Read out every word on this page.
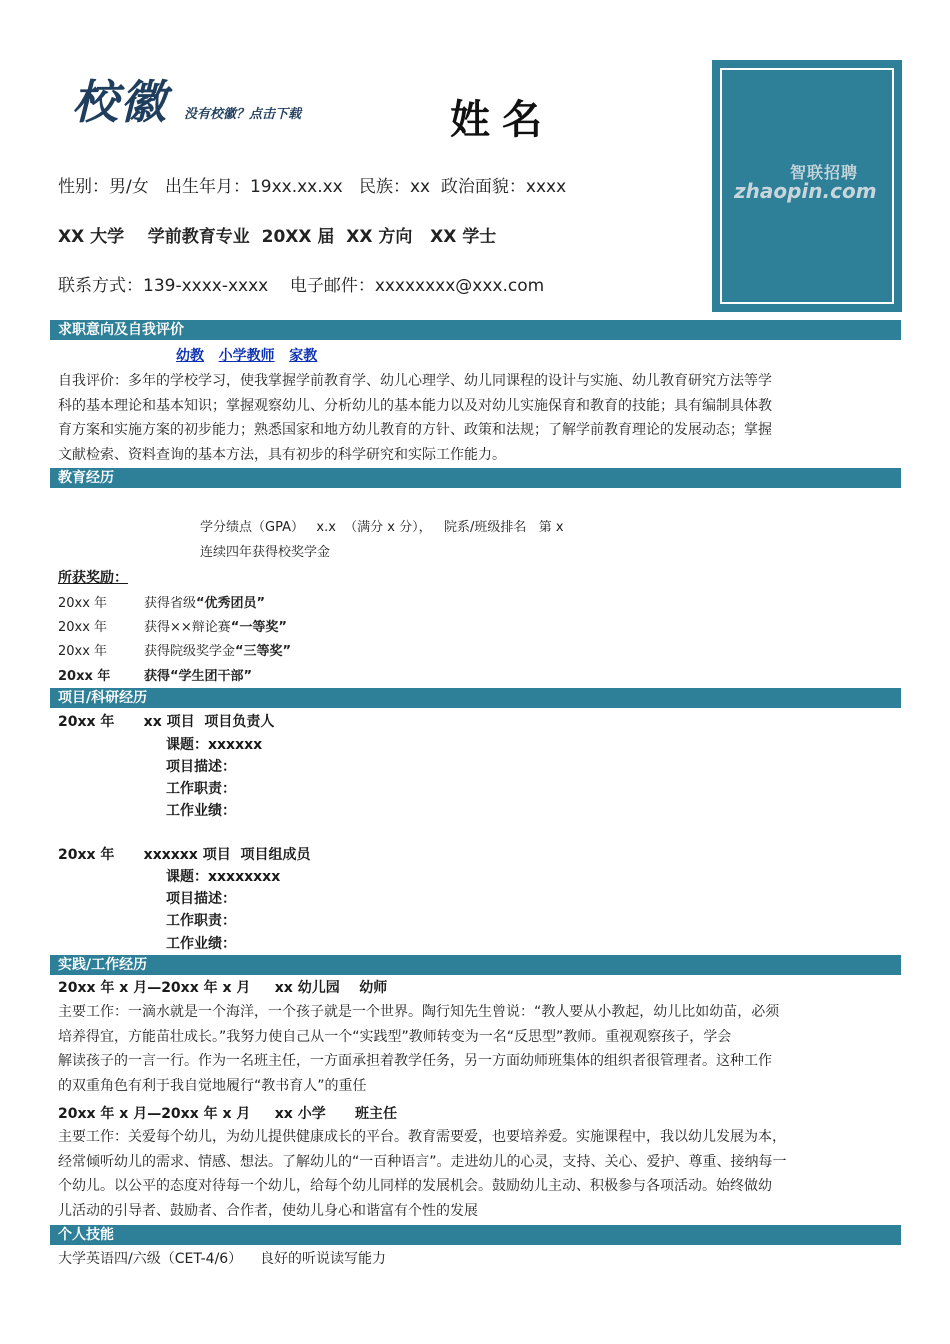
校徽 没有校徽？点击下载	姓名
性别：男/女   出生年月：19xx.xx.xx   民族：xx  政治面貌：xxxx
XX 大学    学前教育专业  20XX 届  XX 方向   XX 学士
联系方式：139-xxxx-xxxx    电子邮件：xxxxxxxx@xxx.com
智联招聘
zhaopin.com
求职意向及自我评价
幼教 小学教师 家教
自我评价：多年的学校学习，使我掌握学前教育学、幼儿心理学、幼儿同课程的设计与实施、幼儿教育研究方法等学
科的基本理论和基本知识；掌握观察幼儿、分析幼儿的基本能力以及对幼儿实施保育和教育的技能；具有编制具体教
育方案和实施方案的初步能力；熟悉国家和地方幼儿教育的方针、政策和法规；了解学前教育理论的发展动态；掌握
文献检索、资料查询的基本方法，具有初步的科学研究和实际工作能力。
教育经历
学分绩点（GPA）   x.x  （满分 x 分），   院系/班级排名   第 x
连续四年获得校奖学金
所获奖励：
20xx 年	获得省级“优秀团员”
20xx 年	获得××辩论赛“一等奖”
20xx 年	获得院级奖学金“三等奖”
20xx 年	获得“学生团干部”
项目/科研经历
20xx 年      xx 项目  项目负责人
课题：xxxxxx
项目描述：
工作职责：
工作业绩：
20xx 年      xxxxxx 项目  项目组成员
课题：xxxxxxxx
项目描述：
工作职责：
工作业绩：
实践/工作经历
20xx 年 x 月—20xx 年 x 月     xx 幼儿园    幼师
主要工作：一滴水就是一个海洋，一个孩子就是一个世界。陶行知先生曾说：“教人要从小教起，幼儿比如幼苗，必须
培养得宜，方能苗壮成长。”我努力使自己从一个“实践型”教师转变为一名“反思型”教师。重视观察孩子，学会
解读孩子的一言一行。作为一名班主任，一方面承担着教学任务，另一方面幼师班集体的组织者很管理者。这种工作
的双重角色有利于我自觉地履行“教书育人”的重任
20xx 年 x 月—20xx 年 x 月     xx 小学      班主任
主要工作：关爱每个幼儿，为幼儿提供健康成长的平台。教育需要爱，也要培养爱。实施课程中，我以幼儿发展为本，
经常倾听幼儿的需求、情感、想法。了解幼儿的“一百种语言”。走进幼儿的心灵，支持、关心、爱护、尊重、接纳每一
个幼儿。以公平的态度对待每一个幼儿，给每个幼儿同样的发展机会。鼓励幼儿主动、积极参与各项活动。始终做幼
儿活动的引导者、鼓励者、合作者，使幼儿身心和谐富有个性的发展
个人技能
大学英语四/六级（CET-4/6）    良好的听说读写能力
